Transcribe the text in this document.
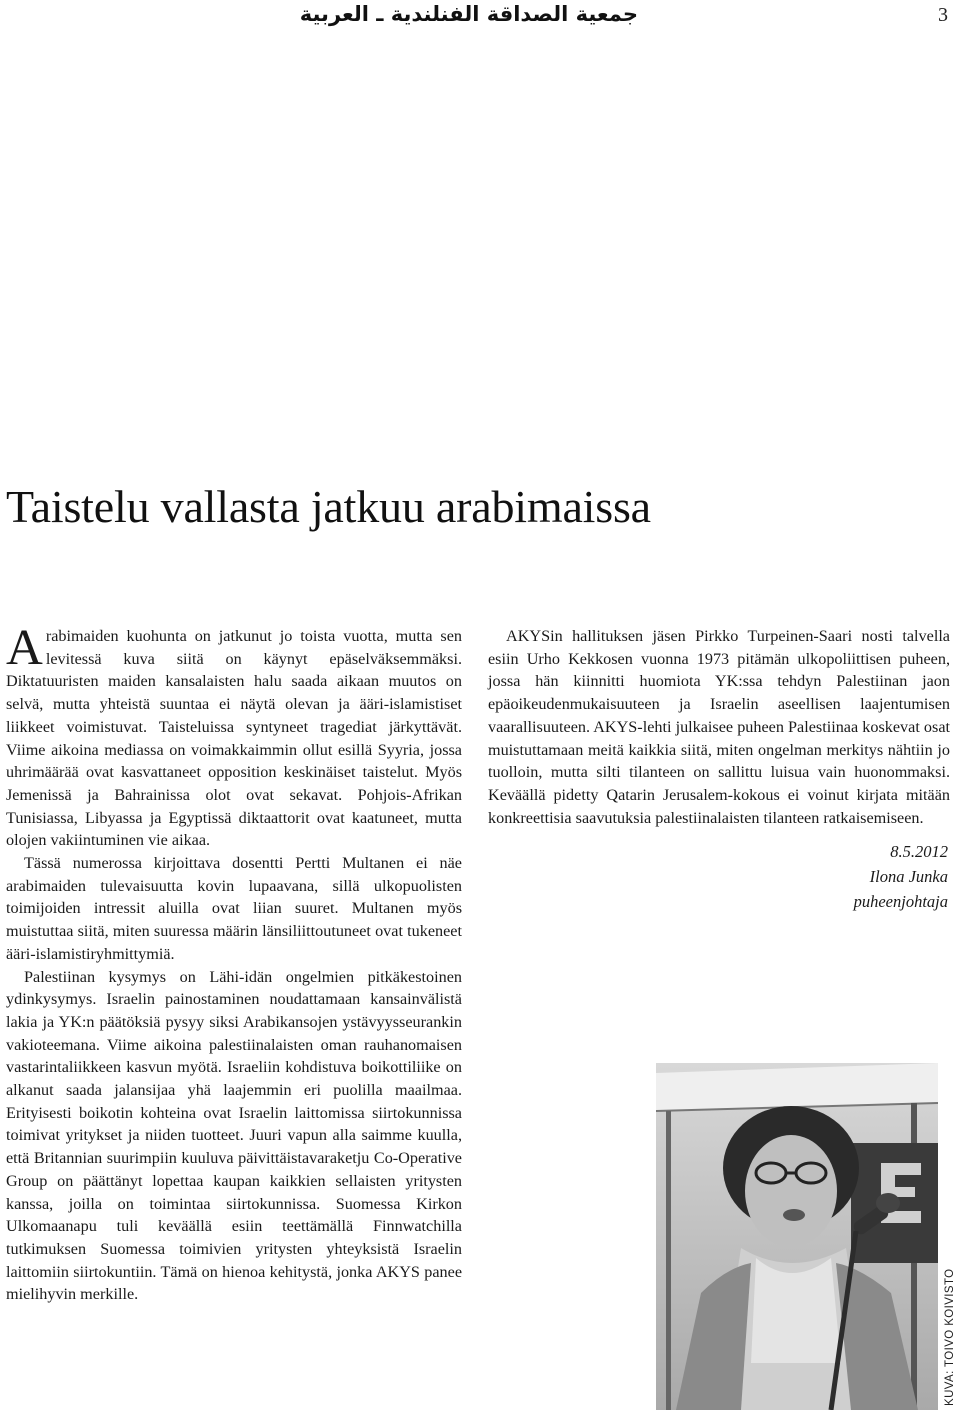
جمعية الصداقة الفنلندية ـ العربية	3
Taistelu vallasta jatkuu arabimaissa

Arabimaiden kuohunta on jatkunut jo toista vuotta, mutta sen levitessä kuva siitä on käynyt epäselväksemmäksi. Diktatuuristen maiden kansalaisten halu saada aikaan muutos on selvä, mutta yhteistä suuntaa ei näytä olevan ja ääri-islamistiset liikkeet voimistuvat. Taisteluissa syntyneet tragediat järkyttävät. Viime aikoina mediassa on voimakkaimmin ollut esillä Syyria, jossa uhrimäärää ovat kasvattaneet opposition keskinäiset taistelut. Myös Jemenissä ja Bahrainissa olot ovat sekavat. Pohjois-Afrikan Tunisiassa, Libyassa ja Egyptissä diktaattorit ovat kaatuneet, mutta olojen vakiintuminen vie aikaa.

Tässä numerossa kirjoittava dosentti Pertti Multanen ei näe arabimaiden tulevaisuutta kovin lupaavana, sillä ulkopuolisten toimijoiden intressit aluilla ovat liian suuret. Multanen myös muistuttaa siitä, miten suuressa määrin länsiliittoutuneet ovat tukeneet ääri-islamistiryhmittymiä.

Palestiinan kysymys on Lähi-idän ongelmien pitkäkestoinen ydinkysymys. Israelin painostaminen noudattamaan kansainvälistä lakia ja YK:n päätöksiä pysyy siksi Arabikansojen ystävyysseurankin vakioteemana. Viime aikoina palestiinalaisten oman rauhanomaisen vastarintaliikkeen kasvun myötä. Israeliin kohdistuva boikottiliike on alkanut saada jalansijaa yhä laajemmin eri puolilla maailmaa. Erityisesti boikotin kohteina ovat Israelin laittomissa siirtokunnissa toimivat yritykset ja niiden tuotteet. Juuri vapun alla saimme kuulla, että Britannian suurimpiin kuuluva päivittäistavaraketju Co-Operative Group on päättänyt lopettaa kaupan kaikkien sellaisten yritysten kanssa, joilla on toimintaa siirtokunnissa. Suomessa Kirkon Ulkomaanapu tuli keväällä esiin teettämällä Finnwatchilla tutkimuksen Suomessa toimivien yritysten yhteyksistä Israelin laittomiin siirtokuntiin. Tämä on hienoa kehitystä, jonka AKYS panee mielihyvin merkille.

AKYSin hallituksen jäsen Pirkko Turpeinen-Saari nosti talvella esiin Urho Kekkosen vuonna 1973 pitämän ulkopoliittisen puheen, jossa hän kiinnitti huomiota YK:ssa tehdyn Palestiinan jaon epäoikeudenmukaisuuteen ja Israelin aseellisen laajentumisen vaarallisuuteen. AKYS-lehti julkaisee puheen Palestiinaa koskevat osat muistuttamaan meitä kaikkia siitä, miten ongelman merkitys nähtiin jo tuolloin, mutta silti tilanteen on sallittu luisua vain huonommaksi. Keväällä pidetty Qatarin Jerusalem-kokous ei voinut kirjata mitään konkreettisia saavutuksia palestiinalaisten tilanteen ratkaisemiseen.

8.5.2012
Ilona Junka
puheenjohtaja
KUVA: TOIVO KOIVISTO
